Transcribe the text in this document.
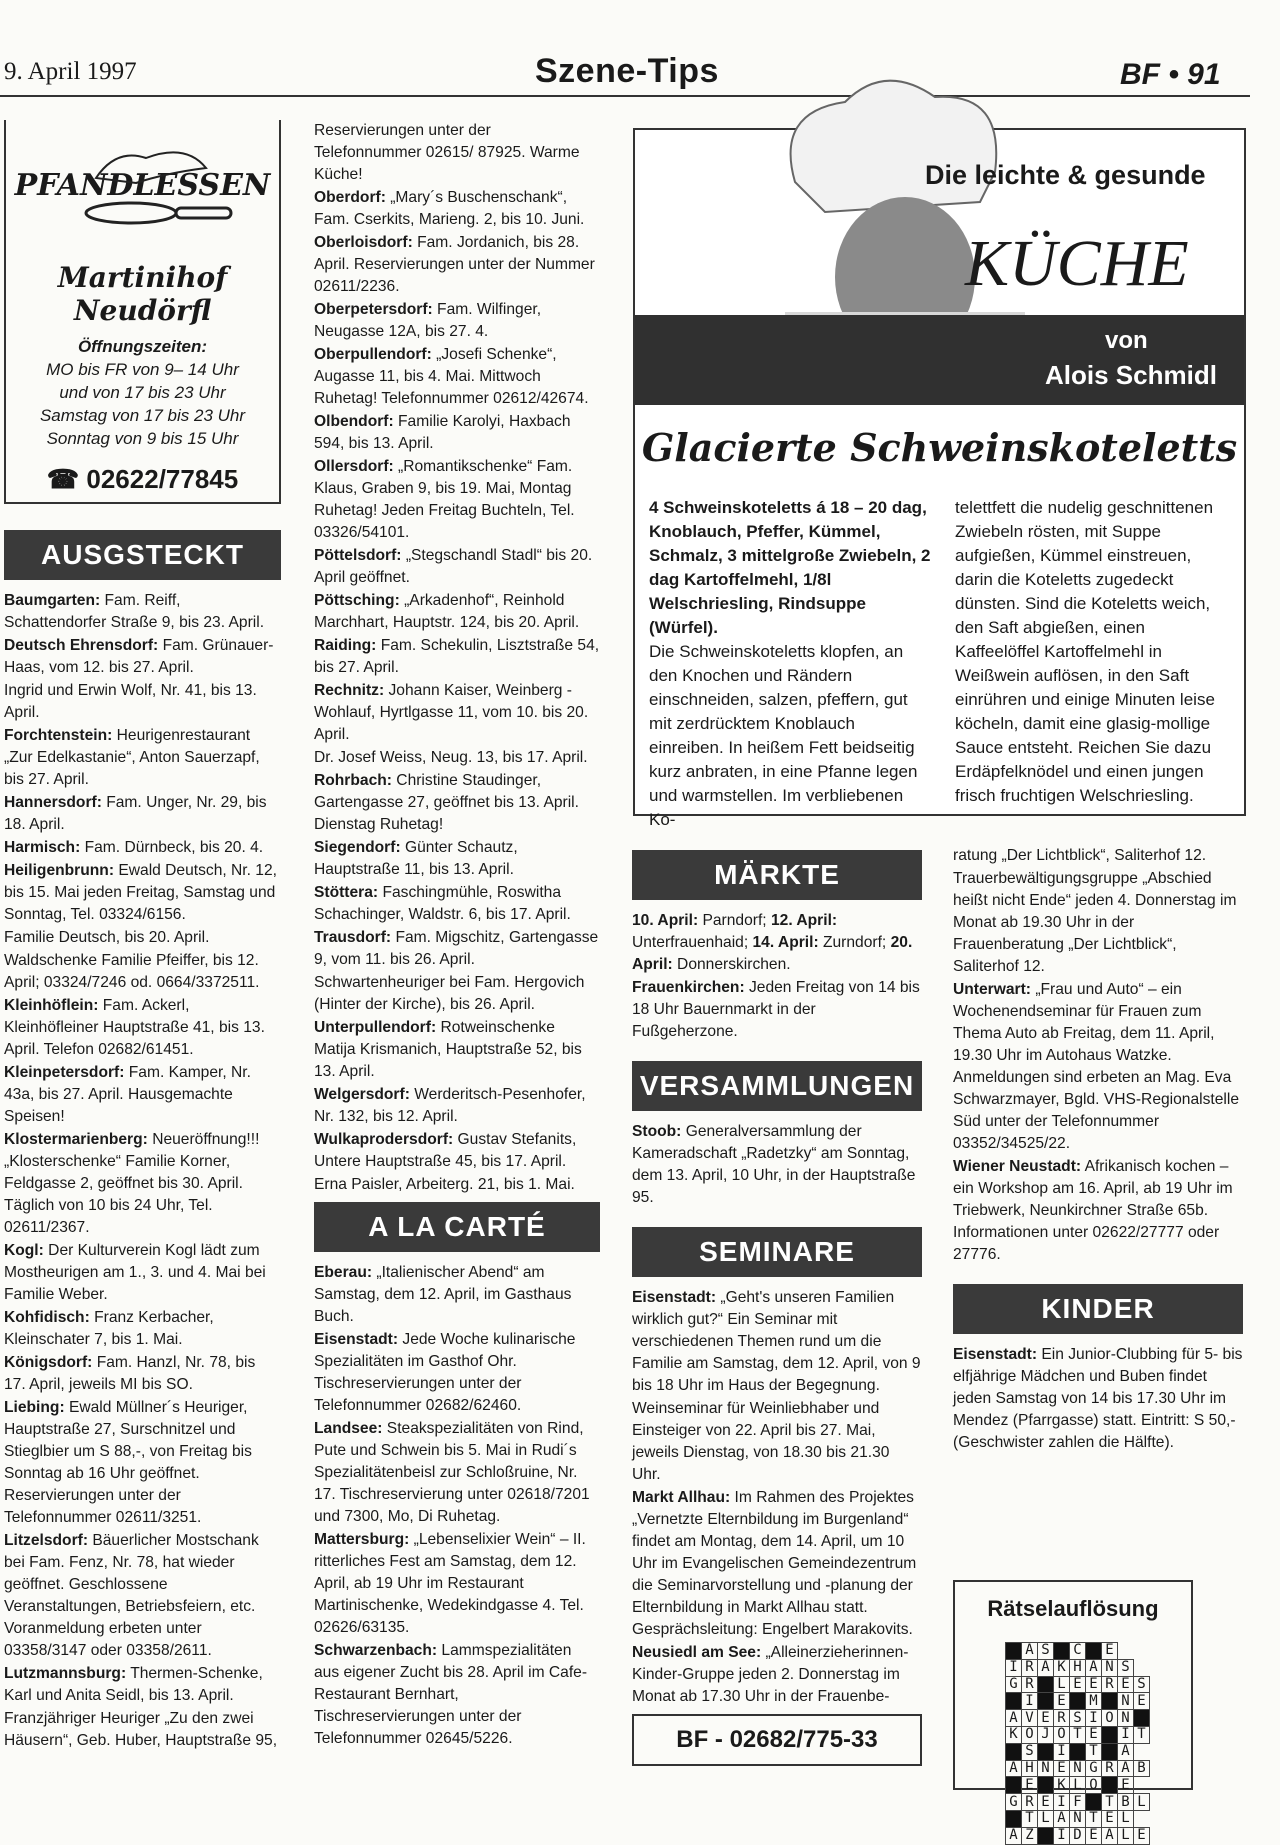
9. April 1997	Szene-Tips	BF • 91
PFANDLESSEN
Martinihof Neudörfl
Öffnungszeiten:
MO bis FR von 9– 14 Uhr
und von 17 bis 23 Uhr
Samstag von 17 bis 23 Uhr
Sonntag von 9 bis 15 Uhr
☎ 02622/77845
AUSGSTECKT

Baumgarten: Fam. Reiff, Schattendorfer Straße 9, bis 23. April.

Deutsch Ehrensdorf: Fam. Grünauer-Haas, vom 12. bis 27. April.

Ingrid und Erwin Wolf, Nr. 41, bis 13. April.

Forchtenstein: Heurigenrestaurant „Zur Edelkastanie“, Anton Sauerzapf, bis 27. April.

Hannersdorf: Fam. Unger, Nr. 29, bis 18. April.

Harmisch: Fam. Dürnbeck, bis 20. 4.

Heiligenbrunn: Ewald Deutsch, Nr. 12, bis 15. Mai jeden Freitag, Samstag und Sonntag, Tel. 03324/6156.

Familie Deutsch, bis 20. April.

Waldschenke Familie Pfeiffer, bis 12. April; 03324/7246 od. 0664/3372511.

Kleinhöflein: Fam. Ackerl, Kleinhöfleiner Hauptstraße 41, bis 13. April. Telefon 02682/61451.

Kleinpetersdorf: Fam. Kamper, Nr. 43a, bis 27. April. Hausgemachte Speisen!

Klostermarienberg: Neueröffnung!!! „Klosterschenke“ Familie Korner, Feldgasse 2, geöffnet bis 30. April. Täglich von 10 bis 24 Uhr, Tel. 02611/2367.

Kogl: Der Kulturverein Kogl lädt zum Mostheurigen am 1., 3. und 4. Mai bei Familie Weber.

Kohfidisch: Franz Kerbacher, Kleinschater 7, bis 1. Mai.

Königsdorf: Fam. Hanzl, Nr. 78, bis 17. April, jeweils MI bis SO.

Liebing: Ewald Müllner´s Heuriger, Hauptstraße 27, Surschnitzel und Stieglbier um S 88,-, von Freitag bis Sonntag ab 16 Uhr geöffnet. Reservierungen unter der Telefonnummer 02611/3251.

Litzelsdorf: Bäuerlicher Mostschank bei Fam. Fenz, Nr. 78, hat wieder geöffnet. Geschlossene Veranstaltungen, Betriebsfeiern, etc. Voranmeldung erbeten unter 03358/3147 oder 03358/2611.

Lutzmannsburg: Thermen-Schenke, Karl und Anita Seidl, bis 13. April.

Franzjähriger Heuriger „Zu den zwei Häusern“, Geb. Huber, Hauptstraße 95,

Reservierungen unter der Telefonnummer 02615/ 87925. Warme Küche!

Oberdorf: „Mary´s Buschenschank“, Fam. Cserkits, Marieng. 2, bis 10. Juni.

Oberloisdorf: Fam. Jordanich, bis 28. April. Reservierungen unter der Nummer 02611/2236.

Oberpetersdorf: Fam. Wilfinger, Neugasse 12A, bis 27. 4.

Oberpullendorf: „Josefi Schenke“, Augasse 11, bis 4. Mai. Mittwoch Ruhetag! Telefonnummer 02612/42674.

Olbendorf: Familie Karolyi, Haxbach 594, bis 13. April.

Ollersdorf: „Romantikschenke“ Fam. Klaus, Graben 9, bis 19. Mai, Montag Ruhetag! Jeden Freitag Buchteln, Tel. 03326/54101.

Pöttelsdorf: „Stegschandl Stadl“ bis 20. April geöffnet.

Pöttsching: „Arkadenhof“, Reinhold Marchhart, Hauptstr. 124, bis 20. April.

Raiding: Fam. Schekulin, Lisztstraße 54, bis 27. April.

Rechnitz: Johann Kaiser, Weinberg - Wohlauf, Hyrtlgasse 11, vom 10. bis 20. April.

Dr. Josef Weiss, Neug. 13, bis 17. April.

Rohrbach: Christine Staudinger, Gartengasse 27, geöffnet bis 13. April. Dienstag Ruhetag!

Siegendorf: Günter Schautz, Hauptstraße 11, bis 13. April.

Stöttera: Faschingmühle, Roswitha Schachinger, Waldstr. 6, bis 17. April.

Trausdorf: Fam. Migschitz, Gartengasse 9, vom 11. bis 26. April.

Schwartenheuriger bei Fam. Hergovich (Hinter der Kirche), bis 26. April.

Unterpullendorf: Rotweinschenke Matija Krismanich, Hauptstraße 52, bis 13. April.

Welgersdorf: Werderitsch-Pesenhofer, Nr. 132, bis 12. April.

Wulkaprodersdorf: Gustav Stefanits, Untere Hauptstraße 45, bis 17. April.

Erna Paisler, Arbeiterg. 21, bis 1. Mai.

A LA CARTÉ

Eberau: „Italienischer Abend“ am Samstag, dem 12. April, im Gasthaus Buch.

Eisenstadt: Jede Woche kulinarische Spezialitäten im Gasthof Ohr. Tischreservierungen unter der Telefonnummer 02682/62460.

Landsee: Steakspezialitäten von Rind, Pute und Schwein bis 5. Mai in Rudi´s Spezialitätenbeisl zur Schloßruine, Nr. 17. Tischreservierung unter 02618/7201 und 7300, Mo, Di Ruhetag.

Mattersburg: „Lebenselixier Wein“ – II. ritterliches Fest am Samstag, dem 12. April, ab 19 Uhr im Restaurant Martinischenke, Wedekindgasse 4. Tel. 02626/63135.

Schwarzenbach: Lammspezialitäten aus eigener Zucht bis 28. April im Cafe-Restaurant Bernhart, Tischreservierungen unter der Telefonnummer 02645/5226.

Die leichte & gesunde
KÜCHE
von
Alois Schmidl
Glacierte Schweinskoteletts
4 Schweinskoteletts á 18 – 20 dag, Knoblauch, Pfeffer, Kümmel, Schmalz, 3 mittelgroße Zwiebeln, 2 dag Kartoffelmehl, 1/8l Welschriesling, Rindsuppe (Würfel).
Die Schweinskoteletts klopfen, an den Knochen und Rändern einschneiden, salzen, pfeffern, gut mit zerdrücktem Knoblauch einreiben. In heißem Fett beidseitig kurz anbraten, in eine Pfanne legen und warmstellen. Im verbliebenen Ko-
telettfett die nudelig geschnittenen Zwiebeln rösten, mit Suppe aufgießen, Kümmel einstreuen, darin die Koteletts zugedeckt dünsten. Sind die Koteletts weich, den Saft abgießen, einen Kaffeelöffel Kartoffelmehl in Weißwein auflösen, in den Saft einrühren und einige Minuten leise köcheln, damit eine glasig-mollige Sauce entsteht. Reichen Sie dazu Erdäpfelknödel und einen jungen frisch fruchtigen Welschriesling.
MÄRKTE

10. April: Parndorf; 12. April: Unterfrauenhaid; 14. April: Zurndorf; 20. April: Donnerskirchen.

Frauenkirchen: Jeden Freitag von 14 bis 18 Uhr Bauernmarkt in der Fußgeherzone.

VERSAMMLUNGEN

Stoob: Generalversammlung der Kameradschaft „Radetzky“ am Sonntag, dem 13. April, 10 Uhr, in der Hauptstraße 95.

SEMINARE

Eisenstadt: „Geht's unseren Familien wirklich gut?“ Ein Seminar mit verschiedenen Themen rund um die Familie am Samstag, dem 12. April, von 9 bis 18 Uhr im Haus der Begegnung.

Weinseminar für Weinliebhaber und Einsteiger von 22. April bis 27. Mai, jeweils Dienstag, von 18.30 bis 21.30 Uhr.

Markt Allhau: Im Rahmen des Projektes „Vernetzte Elternbildung im Burgenland“ findet am Montag, dem 14. April, um 10 Uhr im Evangelischen Gemeindezentrum die Seminarvorstellung und -planung der Elternbildung in Markt Allhau statt. Gesprächsleitung: Engelbert Marakovits.

Neusiedl am See: „Alleinerzieherinnen-Kinder-Gruppe jeden 2. Donnerstag im Monat ab 17.30 Uhr in der Frauenbe-

ratung „Der Lichtblick“, Saliterhof 12.

Trauerbewältigungsgruppe „Abschied heißt nicht Ende“ jeden 4. Donnerstag im Monat ab 19.30 Uhr in der Frauenberatung „Der Lichtblick“, Saliterhof 12.

Unterwart: „Frau und Auto“ – ein Wochenendseminar für Frauen zum Thema Auto ab Freitag, dem 11. April, 19.30 Uhr im Autohaus Watzke. Anmeldungen sind erbeten an Mag. Eva Schwarzmayer, Bgld. VHS-Regionalstelle Süd unter der Telefonnummer 03352/34525/22.

Wiener Neustadt: Afrikanisch kochen – ein Workshop am 16. April, ab 19 Uhr im Triebwerk, Neunkirchner Straße 65b. Informationen unter 02622/27777 oder 27776.

KINDER

Eisenstadt: Ein Junior-Clubbing für 5- bis elfjährige Mädchen und Buben findet jeden Samstag von 14 bis 17.30 Uhr im Mendez (Pfarrgasse) statt. Eintritt: S 50,- (Geschwister zahlen die Hälfte).

Rätselauflösung
	A	S		C		E		
I	R	A	K	H	A	N	S	
G	R		L	E	E	R	E	S
	I		E		M		N	E
A	V	E	R	S	I	O	N	
K	O	J	O	T	E		I	T
	S		I		T		A	
A	H	N	E	N	G	R	A	B
	E		K	L	O		E	
G	R	E	I	F		T	B	L
	T	L	A	N	T	E	L	
A	Z		I	D	E	A	L	E
BF - 02682/775-33
